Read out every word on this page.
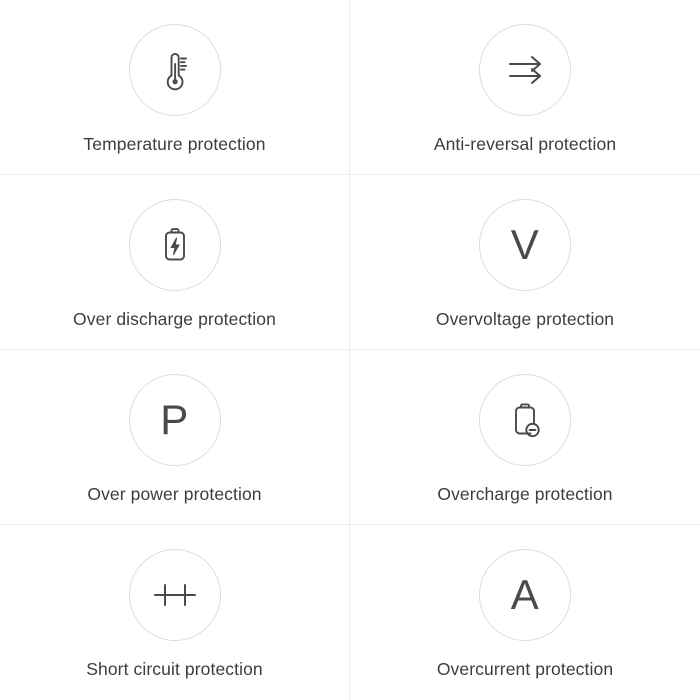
Temperature protection	Anti-reversal protection
Over discharge protection
V
Overvoltage protection
P
Over power protection	Overcharge protection
Short circuit protection
A
Overcurrent protection
